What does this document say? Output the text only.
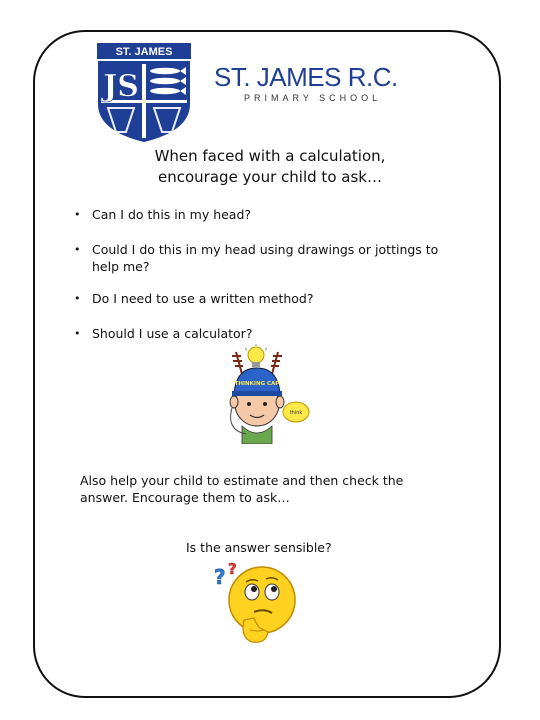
ST. JAMES
JS	ST. JAMES R.C.
PRIMARY SCHOOL
When faced with a calculation,
encourage your child to ask…
• Can I do this in my head?
• Could I do this in my head using drawings or jottings to help me?
• Do I need to use a written method?
• Should I use a calculator?
THINKING CAP
think
Also help your child to estimate and then check the
answer. Encourage them to ask…
Is the answer sensible?
? ?
